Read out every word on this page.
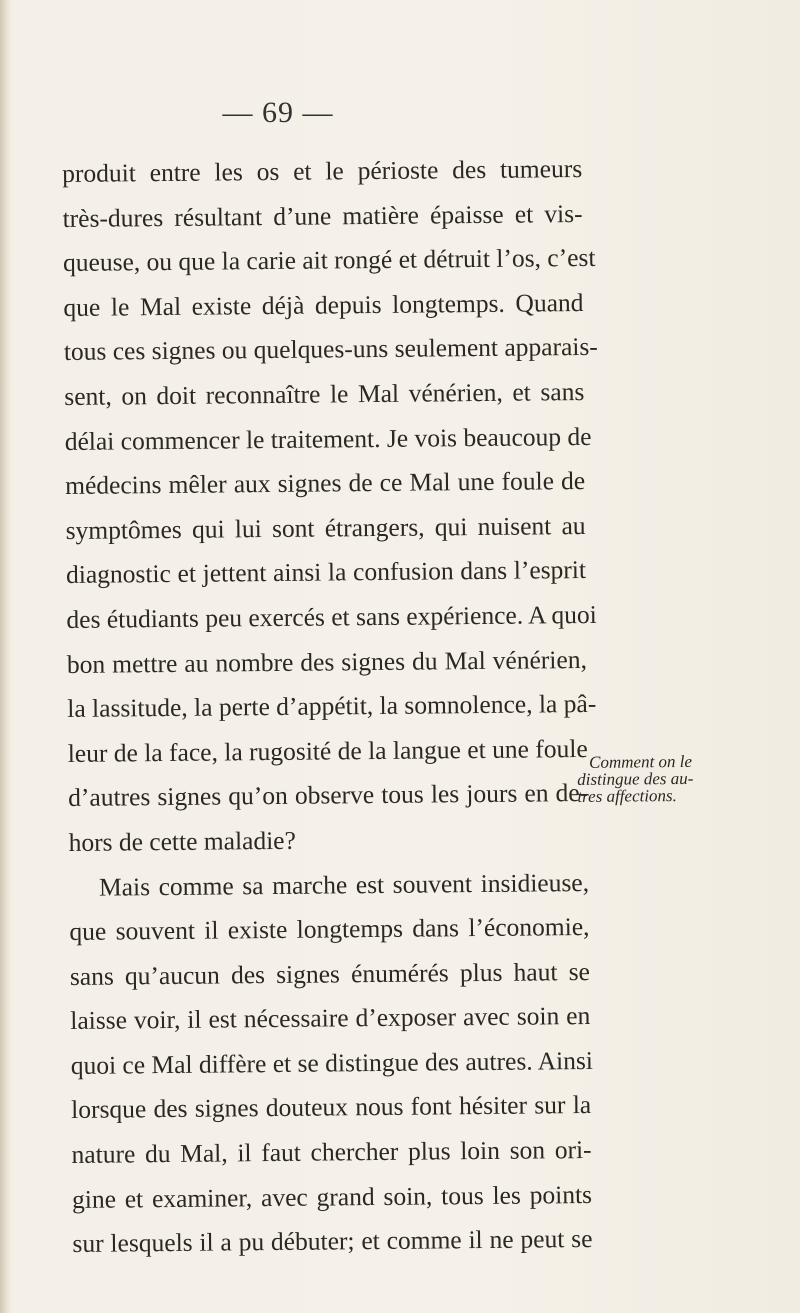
— 69 —
produit entre les os et le périoste des tumeurs
très-dures résultant d’une matière épaisse et vis-
queuse, ou que la carie ait rongé et détruit l’os, c’est
que le Mal existe déjà depuis longtemps. Quand
tous ces signes ou quelques-uns seulement apparais-
sent, on doit reconnaître le Mal vénérien, et sans
délai commencer le traitement. Je vois beaucoup de
médecins mêler aux signes de ce Mal une foule de
symptômes qui lui sont étrangers, qui nuisent au
diagnostic et jettent ainsi la confusion dans l’esprit
des étudiants peu exercés et sans expérience. A quoi
bon mettre au nombre des signes du Mal vénérien,
la lassitude, la perte d’appétit, la somnolence, la pâ-
leur de la face, la rugosité de la langue et une foule
d’autres signes qu’on observe tous les jours en de-
hors de cette maladie?
Mais comme sa marche est souvent insidieuse,
que souvent il existe longtemps dans l’économie,
sans qu’aucun des signes énumérés plus haut se
laisse voir, il est nécessaire d’exposer avec soin en
quoi ce Mal diffère et se distingue des autres. Ainsi
lorsque des signes douteux nous font hésiter sur la
nature du Mal, il faut chercher plus loin son ori-
gine et examiner, avec grand soin, tous les points
sur lesquels il a pu débuter; et comme il ne peut se
Comment on le
distingue des au-
tres affections.
